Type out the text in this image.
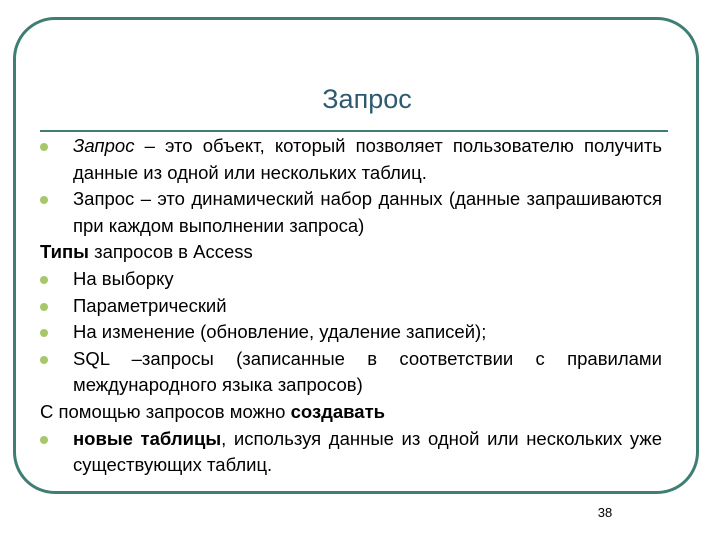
Запрос
Запрос – это объект, который позволяет пользователю получить данные из одной или нескольких таблиц.
Запрос – это динамический набор данных (данные запрашиваются при каждом выполнении запроса)
Типы запросов в Access
На выборку
Параметрический
На изменение (обновление, удаление записей);
SQL –запросы (записанные в соответствии с правилами международного языка запросов)
С помощью запросов можно создавать
новые таблицы, используя данные из одной или нескольких уже существующих таблиц.
38
